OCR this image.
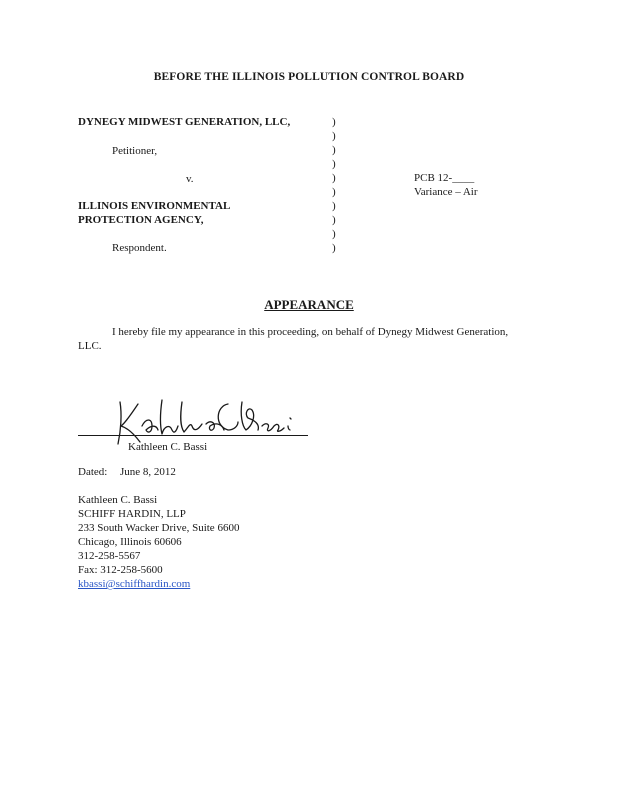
BEFORE THE ILLINOIS POLLUTION CONTROL BOARD
DYNEGY MIDWEST GENERATION, LLC,
Petitioner,
v.
ILLINOIS ENVIRONMENTAL
PROTECTION AGENCY,
Respondent.
)
)
)
)
)
)
)
)
)
)
PCB 12-____
Variance – Air
APPEARANCE
I hereby file my appearance in this proceeding, on behalf of Dynegy Midwest Generation,
LLC.
Kathleen C. Bassi
Dated: June 8, 2012
Kathleen C. Bassi
SCHIFF HARDIN, LLP
233 South Wacker Drive, Suite 6600
Chicago, Illinois 60606
312-258-5567
Fax: 312-258-5600
kbassi@schiffhardin.com
